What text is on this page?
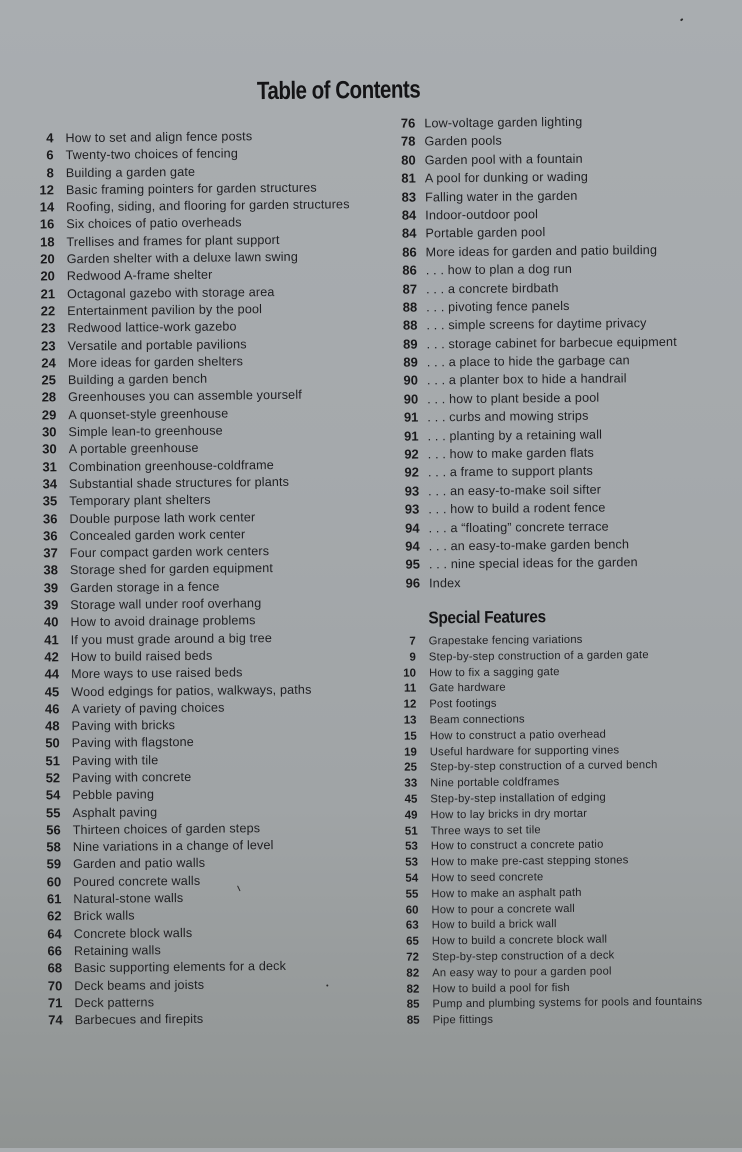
Table of Contents
4 How to set and align fence posts
6 Twenty-two choices of fencing
8 Building a garden gate
12 Basic framing pointers for garden structures
14 Roofing, siding, and flooring for garden structures
16 Six choices of patio overheads
18 Trellises and frames for plant support
20 Garden shelter with a deluxe lawn swing
20 Redwood A-frame shelter
21 Octagonal gazebo with storage area
22 Entertainment pavilion by the pool
23 Redwood lattice-work gazebo
23 Versatile and portable pavilions
24 More ideas for garden shelters
25 Building a garden bench
28 Greenhouses you can assemble yourself
29 A quonset-style greenhouse
30 Simple lean-to greenhouse
30 A portable greenhouse
31 Combination greenhouse-coldframe
34 Substantial shade structures for plants
35 Temporary plant shelters
36 Double purpose lath work center
36 Concealed garden work center
37 Four compact garden work centers
38 Storage shed for garden equipment
39 Garden storage in a fence
39 Storage wall under roof overhang
40 How to avoid drainage problems
41 If you must grade around a big tree
42 How to build raised beds
44 More ways to use raised beds
45 Wood edgings for patios, walkways, paths
46 A variety of paving choices
48 Paving with bricks
50 Paving with flagstone
51 Paving with tile
52 Paving with concrete
54 Pebble paving
55 Asphalt paving
56 Thirteen choices of garden steps
58 Nine variations in a change of level
59 Garden and patio walls
60 Poured concrete walls
61 Natural-stone walls
62 Brick walls
64 Concrete block walls
66 Retaining walls
68 Basic supporting elements for a deck
70 Deck beams and joists
71 Deck patterns
74 Barbecues and firepits
76 Low-voltage garden lighting
78 Garden pools
80 Garden pool with a fountain
81 A pool for dunking or wading
83 Falling water in the garden
84 Indoor-outdoor pool
84 Portable garden pool
86 More ideas for garden and patio building
86 . . . how to plan a dog run
87 . . . a concrete birdbath
88 . . . pivoting fence panels
88 . . . simple screens for daytime privacy
89 . . . storage cabinet for barbecue equipment
89 . . . a place to hide the garbage can
90 . . . a planter box to hide a handrail
90 . . . how to plant beside a pool
91 . . . curbs and mowing strips
91 . . . planting by a retaining wall
92 . . . how to make garden flats
92 . . . a frame to support plants
93 . . . an easy-to-make soil sifter
93 . . . how to build a rodent fence
94 . . . a “floating” concrete terrace
94 . . . an easy-to-make garden bench
95 . . . nine special ideas for the garden
96 Index
Special Features
7 Grapestake fencing variations
9 Step-by-step construction of a garden gate
10 How to fix a sagging gate
11 Gate hardware
12 Post footings
13 Beam connections
15 How to construct a patio overhead
19 Useful hardware for supporting vines
25 Step-by-step construction of a curved bench
33 Nine portable coldframes
45 Step-by-step installation of edging
49 How to lay bricks in dry mortar
51 Three ways to set tile
53 How to construct a concrete patio
53 How to make pre-cast stepping stones
54 How to seed concrete
55 How to make an asphalt path
60 How to pour a concrete wall
63 How to build a brick wall
65 How to build a concrete block wall
72 Step-by-step construction of a deck
82 An easy way to pour a garden pool
82 How to build a pool for fish
85 Pump and plumbing systems for pools and fountains
85 Pipe fittings
